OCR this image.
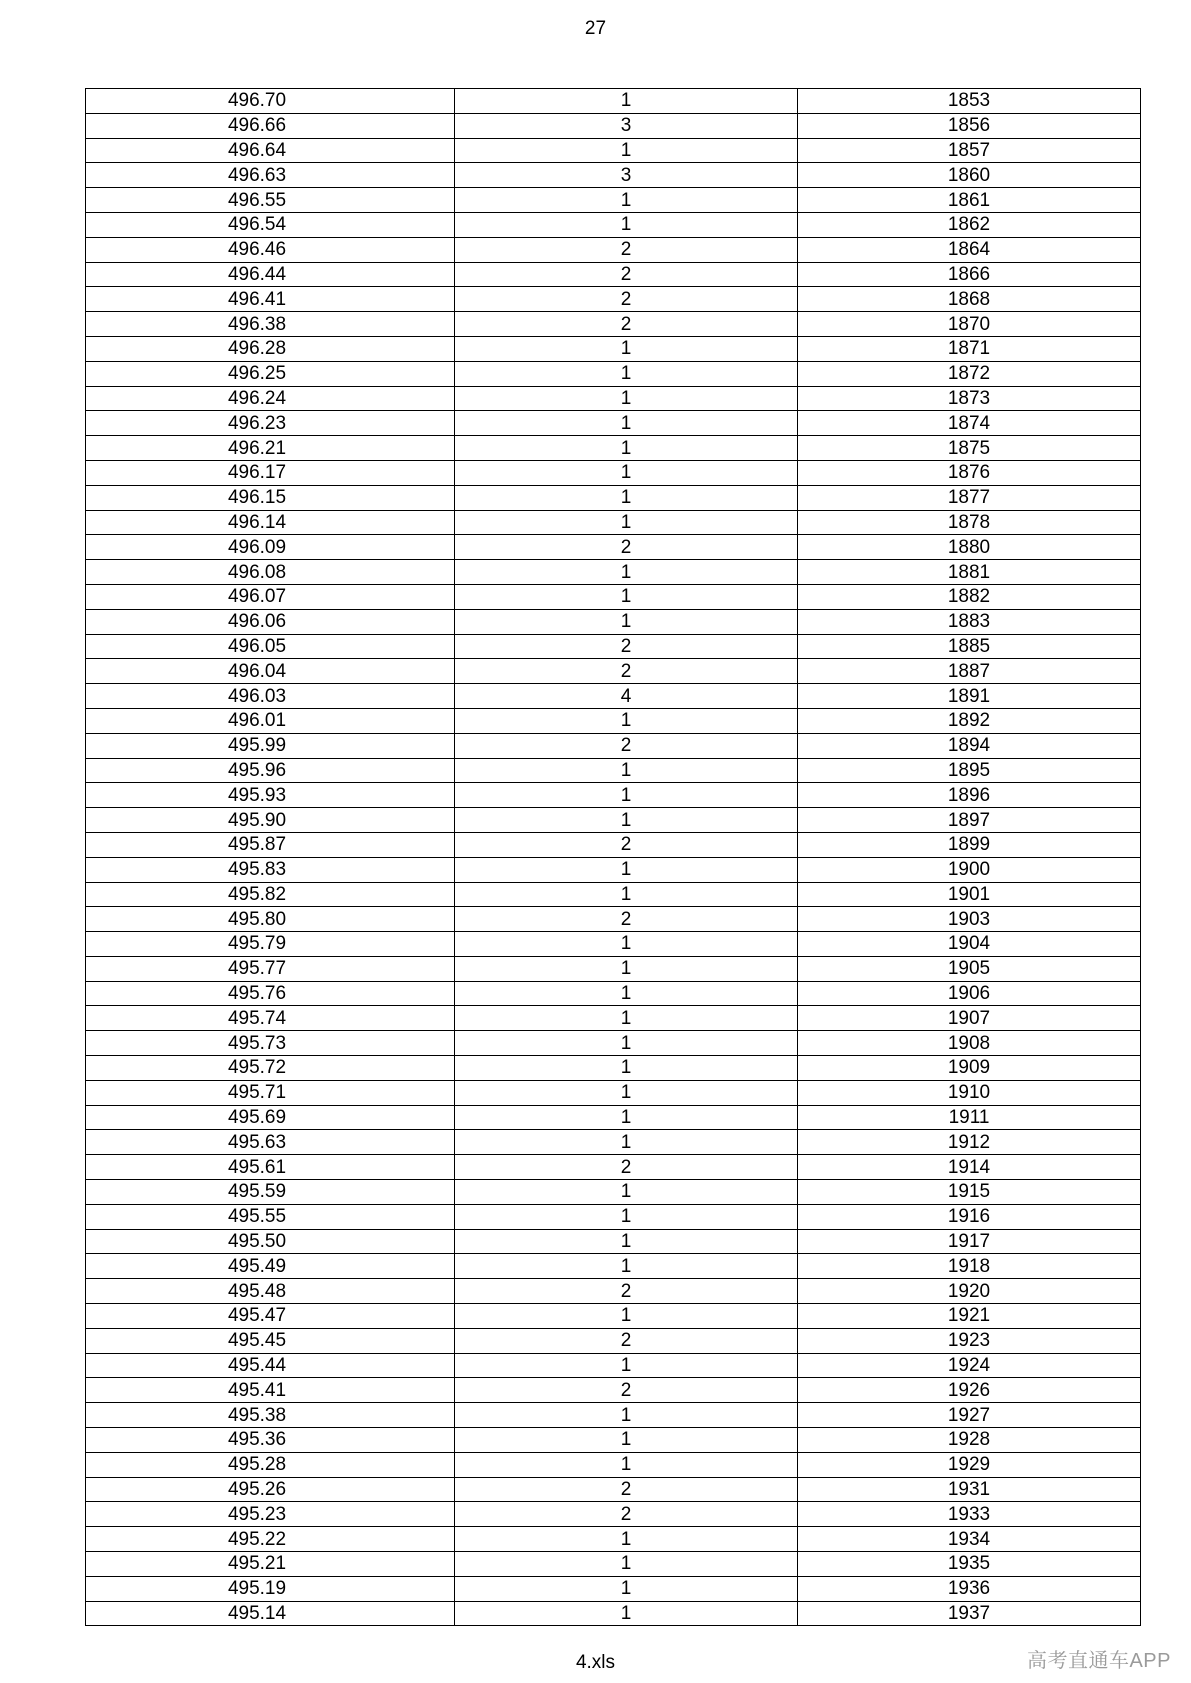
27
496.70	1	1853
496.66	3	1856
496.64	1	1857
496.63	3	1860
496.55	1	1861
496.54	1	1862
496.46	2	1864
496.44	2	1866
496.41	2	1868
496.38	2	1870
496.28	1	1871
496.25	1	1872
496.24	1	1873
496.23	1	1874
496.21	1	1875
496.17	1	1876
496.15	1	1877
496.14	1	1878
496.09	2	1880
496.08	1	1881
496.07	1	1882
496.06	1	1883
496.05	2	1885
496.04	2	1887
496.03	4	1891
496.01	1	1892
495.99	2	1894
495.96	1	1895
495.93	1	1896
495.90	1	1897
495.87	2	1899
495.83	1	1900
495.82	1	1901
495.80	2	1903
495.79	1	1904
495.77	1	1905
495.76	1	1906
495.74	1	1907
495.73	1	1908
495.72	1	1909
495.71	1	1910
495.69	1	1911
495.63	1	1912
495.61	2	1914
495.59	1	1915
495.55	1	1916
495.50	1	1917
495.49	1	1918
495.48	2	1920
495.47	1	1921
495.45	2	1923
495.44	1	1924
495.41	2	1926
495.38	1	1927
495.36	1	1928
495.28	1	1929
495.26	2	1931
495.23	2	1933
495.22	1	1934
495.21	1	1935
495.19	1	1936
495.14	1	1937
4.xls	高考直通车APP
